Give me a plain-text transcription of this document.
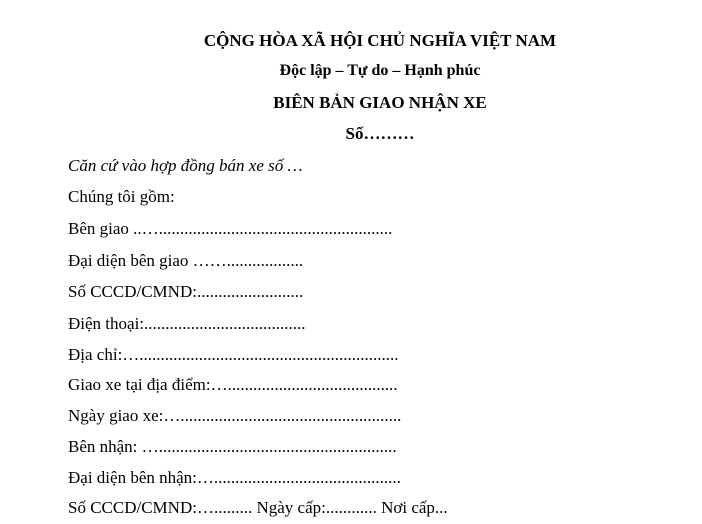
CỘNG HÒA XÃ HỘI CHỦ NGHĨA VIỆT NAM
Độc lập – Tự do – Hạnh phúc
BIÊN BẢN GIAO NHẬN XE
Số………
Căn cứ vào hợp đồng bán xe số …
Chúng tôi gồm:
Bên giao ..….......................................................
Đại diện bên giao ……..................
Số CCCD/CMND:.........................
Điện thoại:......................................
Địa chỉ:….............................................................
Giao xe tại địa điểm:…........................................
Ngày giao xe:…....................................................
Bên nhận: …........................................................
Đại diện bên nhận:…............................................
Số CCCD/CMND:…......... Ngày cấp:............ Nơi cấp...
